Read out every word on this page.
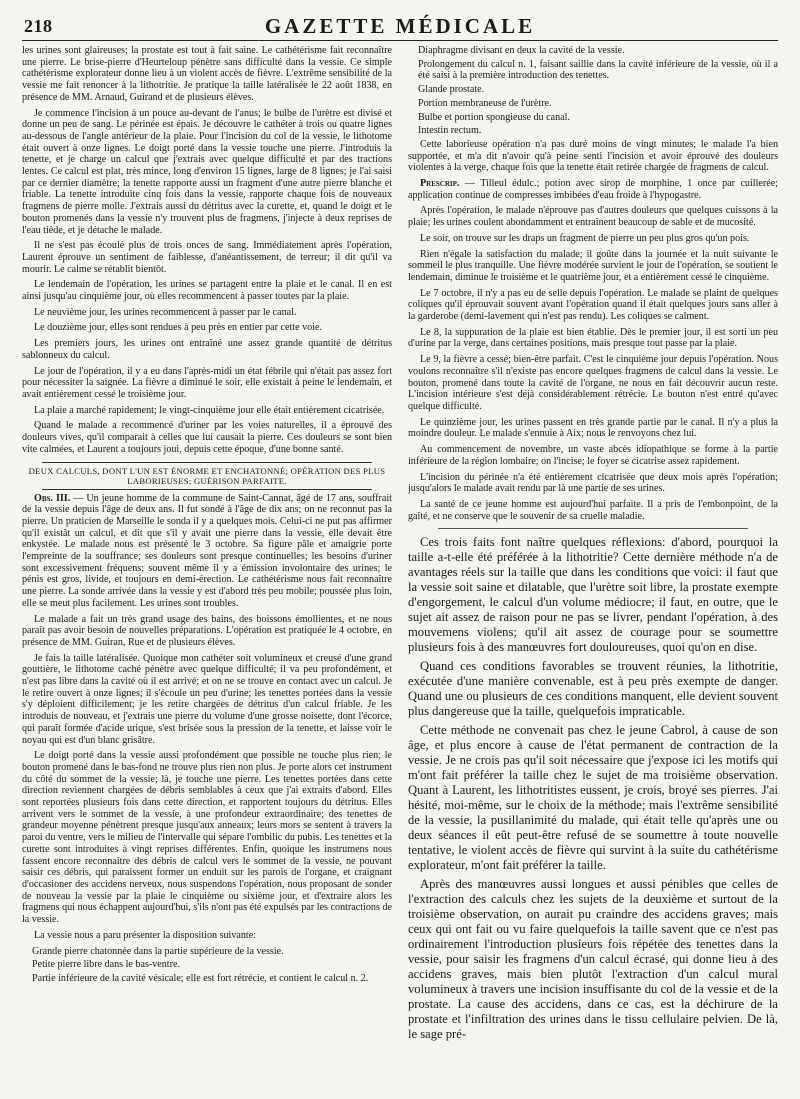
218	GAZETTE MÉDICALE

les urines sont glaireuses; la prostate est tout à fait saine. Le cathétérisme fait reconnaître une pierre. Le brise-pierre d'Heurteloup pénètre sans difficulté dans la vessie. Ce simple cathétérisme explorateur donne lieu à un violent accès de fièvre. L'extrême sensibilité de la vessie me fait renoncer à la lithotritie. Je pratique la taille latéralisée le 22 août 1838, en présence de MM. Arnaud, Guirand et de plusieurs élèves.

Je commence l'incision à un pouce au-devant de l'anus; le bulbe de l'urètre est divisé et donne un peu de sang. Le périnée est épais. Je découvre le cathéter à trois ou quatre lignes au-dessous de l'angle antérieur de la plaie. Pour l'incision du col de la vessie, le lithotome était ouvert à onze lignes. Le doigt porté dans la vessie touche une pierre. J'introduis la tenette, et je charge un calcul que j'extrais avec quelque difficulté et par des tractions lentes. Ce calcul est plat, très mince, long d'environ 15 lignes, large de 8 lignes; je l'ai saisi par ce dernier diamètre; la tenette rapporte aussi un fragment d'une autre pierre blanche et friable. La tenette introduite cinq fois dans la vessie, rapporte chaque fois de nouveaux fragmens de pierre molle. J'extrais aussi du détritus avec la curette, et, quand le doigt et le bouton promenés dans la vessie n'y trouvent plus de fragmens, j'injecte à deux reprises de l'eau tiède, et je détache le malade.

Il ne s'est pas écoulé plus de trois onces de sang. Immédiatement après l'opération, Laurent éprouve un sentiment de faiblesse, d'anéantissement, de terreur; il dit qu'il va mourir. Le calme se rétablit bientôt.

Le lendemain de l'opération, les urines se partagent entre la plaie et le canal. Il en est ainsi jusqu'au cinquième jour, où elles recommencent à passer toutes par la plaie.

Le neuvième jour, les urines recommencent à passer par le canal.

Le douzième jour, elles sont rendues à peu près en entier par cette voie.

Les premiers jours, les urines ont entraîné une assez grande quantité de détritus sablonneux du calcul.

Le jour de l'opération, il y a eu dans l'après-midi un état fébrile qui n'était pas assez fort pour nécessiter la saignée. La fièvre a diminué le soir, elle existait à peine le lendemain, et avait entièrement cessé le troisième jour.

La plaie a marché rapidement; le vingt-cinquième jour elle était entièrement cicatrisée.

Quand le malade a recommencé d'uriner par les voies naturelles, il a éprouvé des douleurs vives, qu'il comparait à celles que lui causait la pierre. Ces douleurs se sont bien vite calmées, et Laurent a toujours joui, depuis cette époque, d'une bonne santé.

DEUX CALCULS, DONT L'UN EST ÉNORME ET ENCHATONNÉ; OPÉRATION DES PLUS LABORIEUSES; GUÉRISON PARFAITE.

Obs. III. — Un jeune homme de la commune de Saint-Cannat, âgé de 17 ans, souffrait de la vessie depuis l'âge de deux ans. Il fut sondé à l'âge de dix ans; on ne reconnut pas la pierre. Un praticien de Marseille le sonda il y a quelques mois. Celui-ci ne put pas affirmer qu'il existât un calcul, et dit que s'il y avait une pierre dans la vessie, elle devait être enkystée. Le malade nous est présenté le 3 octobre. Sa figure pâle et amaigrie porte l'empreinte de la souffrance; ses douleurs sont presque continuelles; les besoins d'uriner sont excessivement fréquens; souvent même il y a émission involontaire des urines; le pénis est gros, livide, et toujours en demi-érection. Le cathétérisme nous fait reconnaître une pierre. La sonde arrivée dans la vessie y est d'abord très peu mobile; poussée plus loin, elle se meut plus facilement. Les urines sont troubles.

Le malade a fait un très grand usage des bains, des boissons émollientes, et ne nous paraît pas avoir besoin de nouvelles préparations. L'opération est pratiquée le 4 octobre, en présence de MM. Guiran, Rue et de plusieurs élèves.

Je fais la taille latéralisée. Quoique mon cathéter soit volumineux et creusé d'une grand gouttière, le lithotome caché pénètre avec quelque difficulté; il va peu profondément, et n'est pas libre dans la cavité où il est arrivé; et on ne se trouve en contact avec un calcul. Je le retire ouvert à onze lignes; il s'écoule un peu d'urine; les tenettes portées dans la vessie s'y déploient difficilement; je les retire chargées de détritus d'un calcul friable. Je les introduis de nouveau, et j'extrais une pierre du volume d'une grosse noisette, dont l'écorce, qui paraît formée d'acide urique, s'est brisée sous la pression de la tenette, et laisse voir le noyau qui est d'un blanc grisâtre.

Le doigt porté dans la vessie aussi profondément que possible ne touche plus rien; le bouton promené dans le bas-fond ne trouve plus rien non plus. Je porte alors cet instrument du côté du sommet de la vessie; là, je touche une pierre. Les tenettes portées dans cette direction reviennent chargées de débris semblables à ceux que j'ai extraits d'abord. Elles sont reportées plusieurs fois dans cette direction, et rapportent toujours du détritus. Elles arrivent vers le sommet de la vessie, à une profondeur extraordinaire; des tenettes de grandeur moyenne pénètrent presque jusqu'aux anneaux; leurs mors se sentent à travers la paroi du ventre, vers le milieu de l'intervalle qui sépare l'ombilic du pubis. Les tenettes et la curette sont introduites à vingt reprises différentes. Enfin, quoique les instrumens nous fassent encore reconnaître des débris de calcul vers le sommet de la vessie, ne pouvant saisir ces débris, qui paraissent former un enduit sur les parois de l'organe, et craignant d'occasioner des accidens nerveux, nous suspendons l'opération, nous proposant de sonder de nouveau la vessie par la plaie le cinquième ou sixième jour, et d'extraire alors les fragmens qui nous échappent aujourd'hui, s'ils n'ont pas été expulsés par les contractions de la vessie.

La vessie nous a paru présenter la disposition suivante:

Grande pierre chatonnée dans la partie supérieure de la vessie.

Petite pierre libre dans le bas-ventre.

Partie inférieure de la cavité vésicale; elle est fort rétrécie, et contient le calcul n. 2.

Diaphragme divisant en deux la cavité de la vessie.

Prolongement du calcul n. 1, faisant saillie dans la cavité inférieure de la vessie, où il a été saisi à la première introduction des tenettes.

Glande prostate.

Portion membraneuse de l'urètre.

Bulbe et portion spongieuse du canal.

Intestin rectum.

Cette laborieuse opération n'a pas duré moins de vingt minutes; le malade l'a bien supportée, et m'a dit n'avoir qu'à peine senti l'incision et avoir éprouvé des douleurs violentes à la verge, chaque fois que la tenette était retirée chargée de fragmens de calcul.

Prescrip. — Tilleul édulc.; potion avec sirop de morphine, 1 once par cuillerée; application continue de compresses imbibées d'eau froide à l'hypogastre.

Après l'opération, le malade n'éprouve pas d'autres douleurs que quelques cuissons à la plaie; les urines coulent abondamment et entraînent beaucoup de sable et de mucosité.

Le soir, on trouve sur les draps un fragment de pierre un peu plus gros qu'un pois.

Rien n'égale la satisfaction du malade; il goûte dans la journée et la nuit suivante le sommeil le plus tranquille. Une fièvre modérée survient le jour de l'opération, se soutient le lendemain, diminue le troisième et le quatrième jour, et a entièrement cessé le cinquième.

Le 7 octobre, il n'y a pas eu de selle depuis l'opération. Le malade se plaint de quelques coliques qu'il éprouvait souvent avant l'opération quand il était quelques jours sans aller à la garderobe (demi-lavement qui n'est pas rendu). Les coliques se calment.

Le 8, la suppuration de la plaie est bien établie. Dès le premier jour, il est sorti un peu d'urine par la verge, dans certaines positions, mais presque tout passe par la plaie.

Le 9, la fièvre a cessé; bien-être parfait. C'est le cinquième jour depuis l'opération. Nous voulons reconnaître s'il n'existe pas encore quelques fragmens de calcul dans la vessie. Le bouton, promené dans toute la cavité de l'organe, ne nous en fait découvrir aucun reste. L'incision intérieure s'est déjà considérablement rétrécie. Le bouton n'est entré qu'avec quelque difficulté.

Le quinzième jour, les urines passent en très grande partie par le canal. Il n'y a plus la moindre douleur. Le malade s'ennuie à Aix; nous le renvoyons chez lui.

Au commencement de novembre, un vaste abcès idiopathique se forme à la partie inférieure de la région lombaire; on l'incise; le foyer se cicatrise assez rapidement.

L'incision du périnée n'a été entièrement cicatrisée que deux mois après l'opération; jusqu'alors le malade avait rendu par là une partie de ses urines.

La santé de ce jeune homme est aujourd'hui parfaite. Il a pris de l'embonpoint, de la gaîté, et ne conserve que le souvenir de sa cruelle maladie.

Ces trois faits font naître quelques réflexions: d'abord, pourquoi la taille a-t-elle été préférée à la lithotritie? Cette dernière méthode n'a de avantages réels sur la taille que dans les conditions que voici: il faut que la vessie soit saine et dilatable, que l'urètre soit libre, la prostate exempte d'engorgement, le calcul d'un volume médiocre; il faut, en outre, que le sujet ait assez de raison pour ne pas se livrer, pendant l'opération, à des mouvemens violens; qu'il ait assez de courage pour se soumettre plusieurs fois à des manœuvres fort douloureuses, quoi qu'on en dise.

Quand ces conditions favorables se trouvent réunies, la lithotritie, exécutée d'une manière convenable, est à peu près exempte de danger. Quand une ou plusieurs de ces conditions manquent, elle devient souvent plus dangereuse que la taille, quelquefois impraticable.

Cette méthode ne convenait pas chez le jeune Cabrol, à cause de son âge, et plus encore à cause de l'état permanent de contraction de la vessie. Je ne crois pas qu'il soit nécessaire que j'expose ici les motifs qui m'ont fait préférer la taille chez le sujet de ma troisième observation. Quant à Laurent, les lithotritistes eussent, je crois, broyé ses pierres. J'ai hésité, moi-même, sur le choix de la méthode; mais l'extrême sensibilité de la vessie, la pusillanimité du malade, qui était telle qu'après une ou deux séances il eût peut-être refusé de se soumettre à toute nouvelle tentative, le violent accès de fièvre qui survint à la suite du cathétérisme explorateur, m'ont fait préférer la taille.

Après des manœuvres aussi longues et aussi pénibles que celles de l'extraction des calculs chez les sujets de la deuxième et surtout de la troisième observation, on aurait pu craindre des accidens graves; mais ceux qui ont fait ou vu faire quelquefois la taille savent que ce n'est pas ordinairement l'introduction plusieurs fois répétée des tenettes dans la vessie, pour saisir les fragmens d'un calcul écrasé, qui donne lieu à des accidens graves, mais bien plutôt l'extraction d'un calcul mural volumineux à travers une incision insuffisante du col de la vessie et de la prostate. La cause des accidens, dans ce cas, est la déchirure de la prostate et l'infiltration des urines dans le tissu cellulaire pelvien. De là, le sage pré-
